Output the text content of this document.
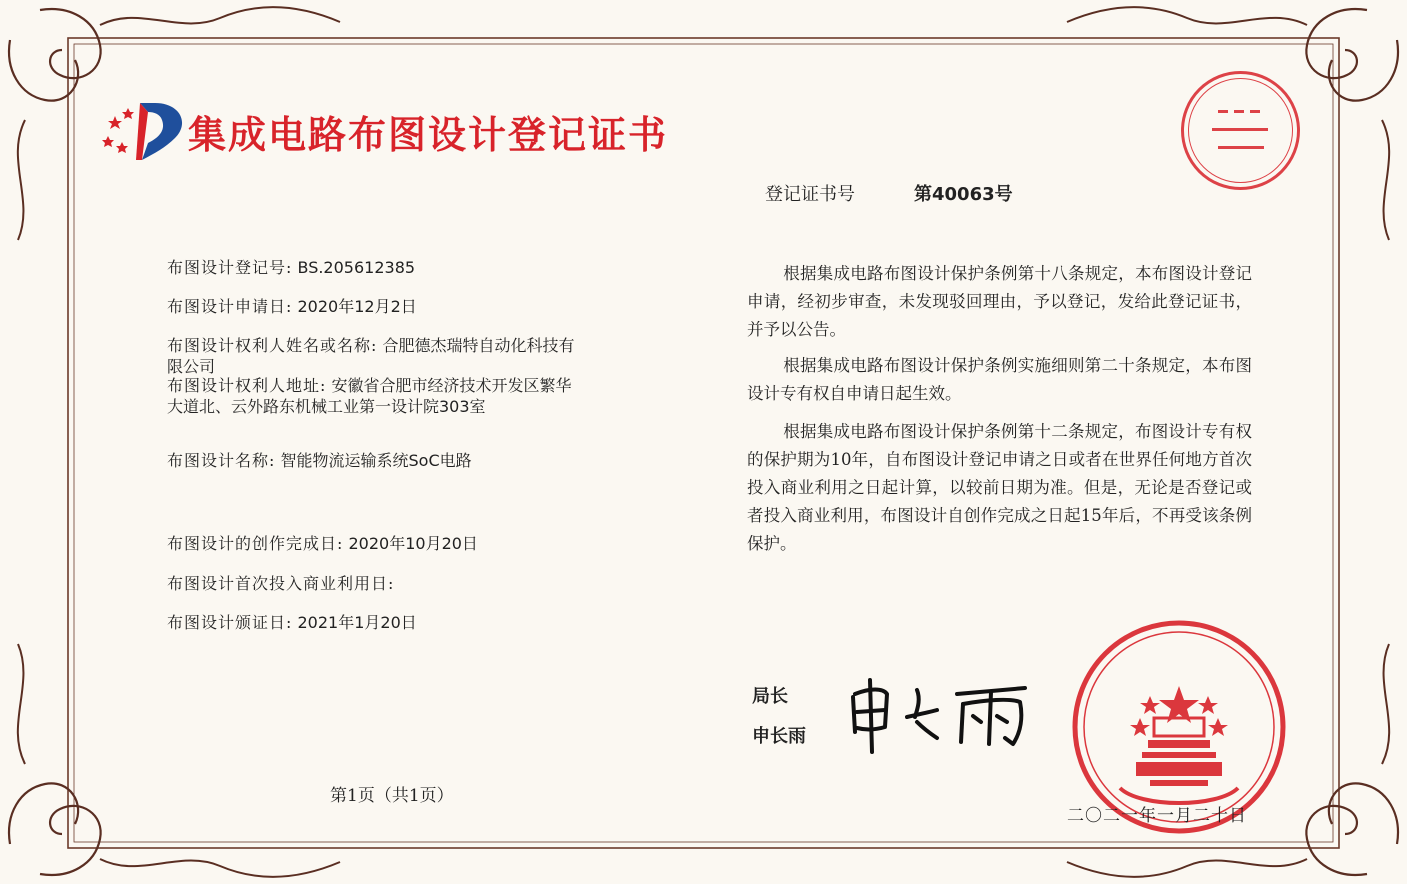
集成电路布图设计登记证书
登记证书号	第40063号
布图设计登记号: BS.205612385
布图设计申请日: 2020年12月2日
布图设计权利人姓名或名称: 合肥德杰瑞特自动化科技有限公司
布图设计权利人地址: 安徽省合肥市经济技术开发区繁华大道北、云外路东机械工业第一设计院303室
布图设计名称: 智能物流运输系统SoC电路
布图设计的创作完成日: 2020年10月20日
布图设计首次投入商业利用日:
布图设计颁证日: 2021年1月20日

根据集成电路布图设计保护条例第十八条规定，本布图设计登记申请，经初步审查，未发现驳回理由，予以登记，发给此登记证书，并予以公告。

根据集成电路布图设计保护条例实施细则第二十条规定，本布图设计专有权自申请日起生效。

根据集成电路布图设计保护条例第十二条规定，布图设计专有权的保护期为10年，自布图设计登记申请之日或者在世界任何地方首次投入商业利用之日起计算，以较前日期为准。但是，无论是否登记或者投入商业利用，布图设计自创作完成之日起15年后，不再受该条例保护。

局长
申长雨
第1页（共1页）
二〇二一年一月二十日
